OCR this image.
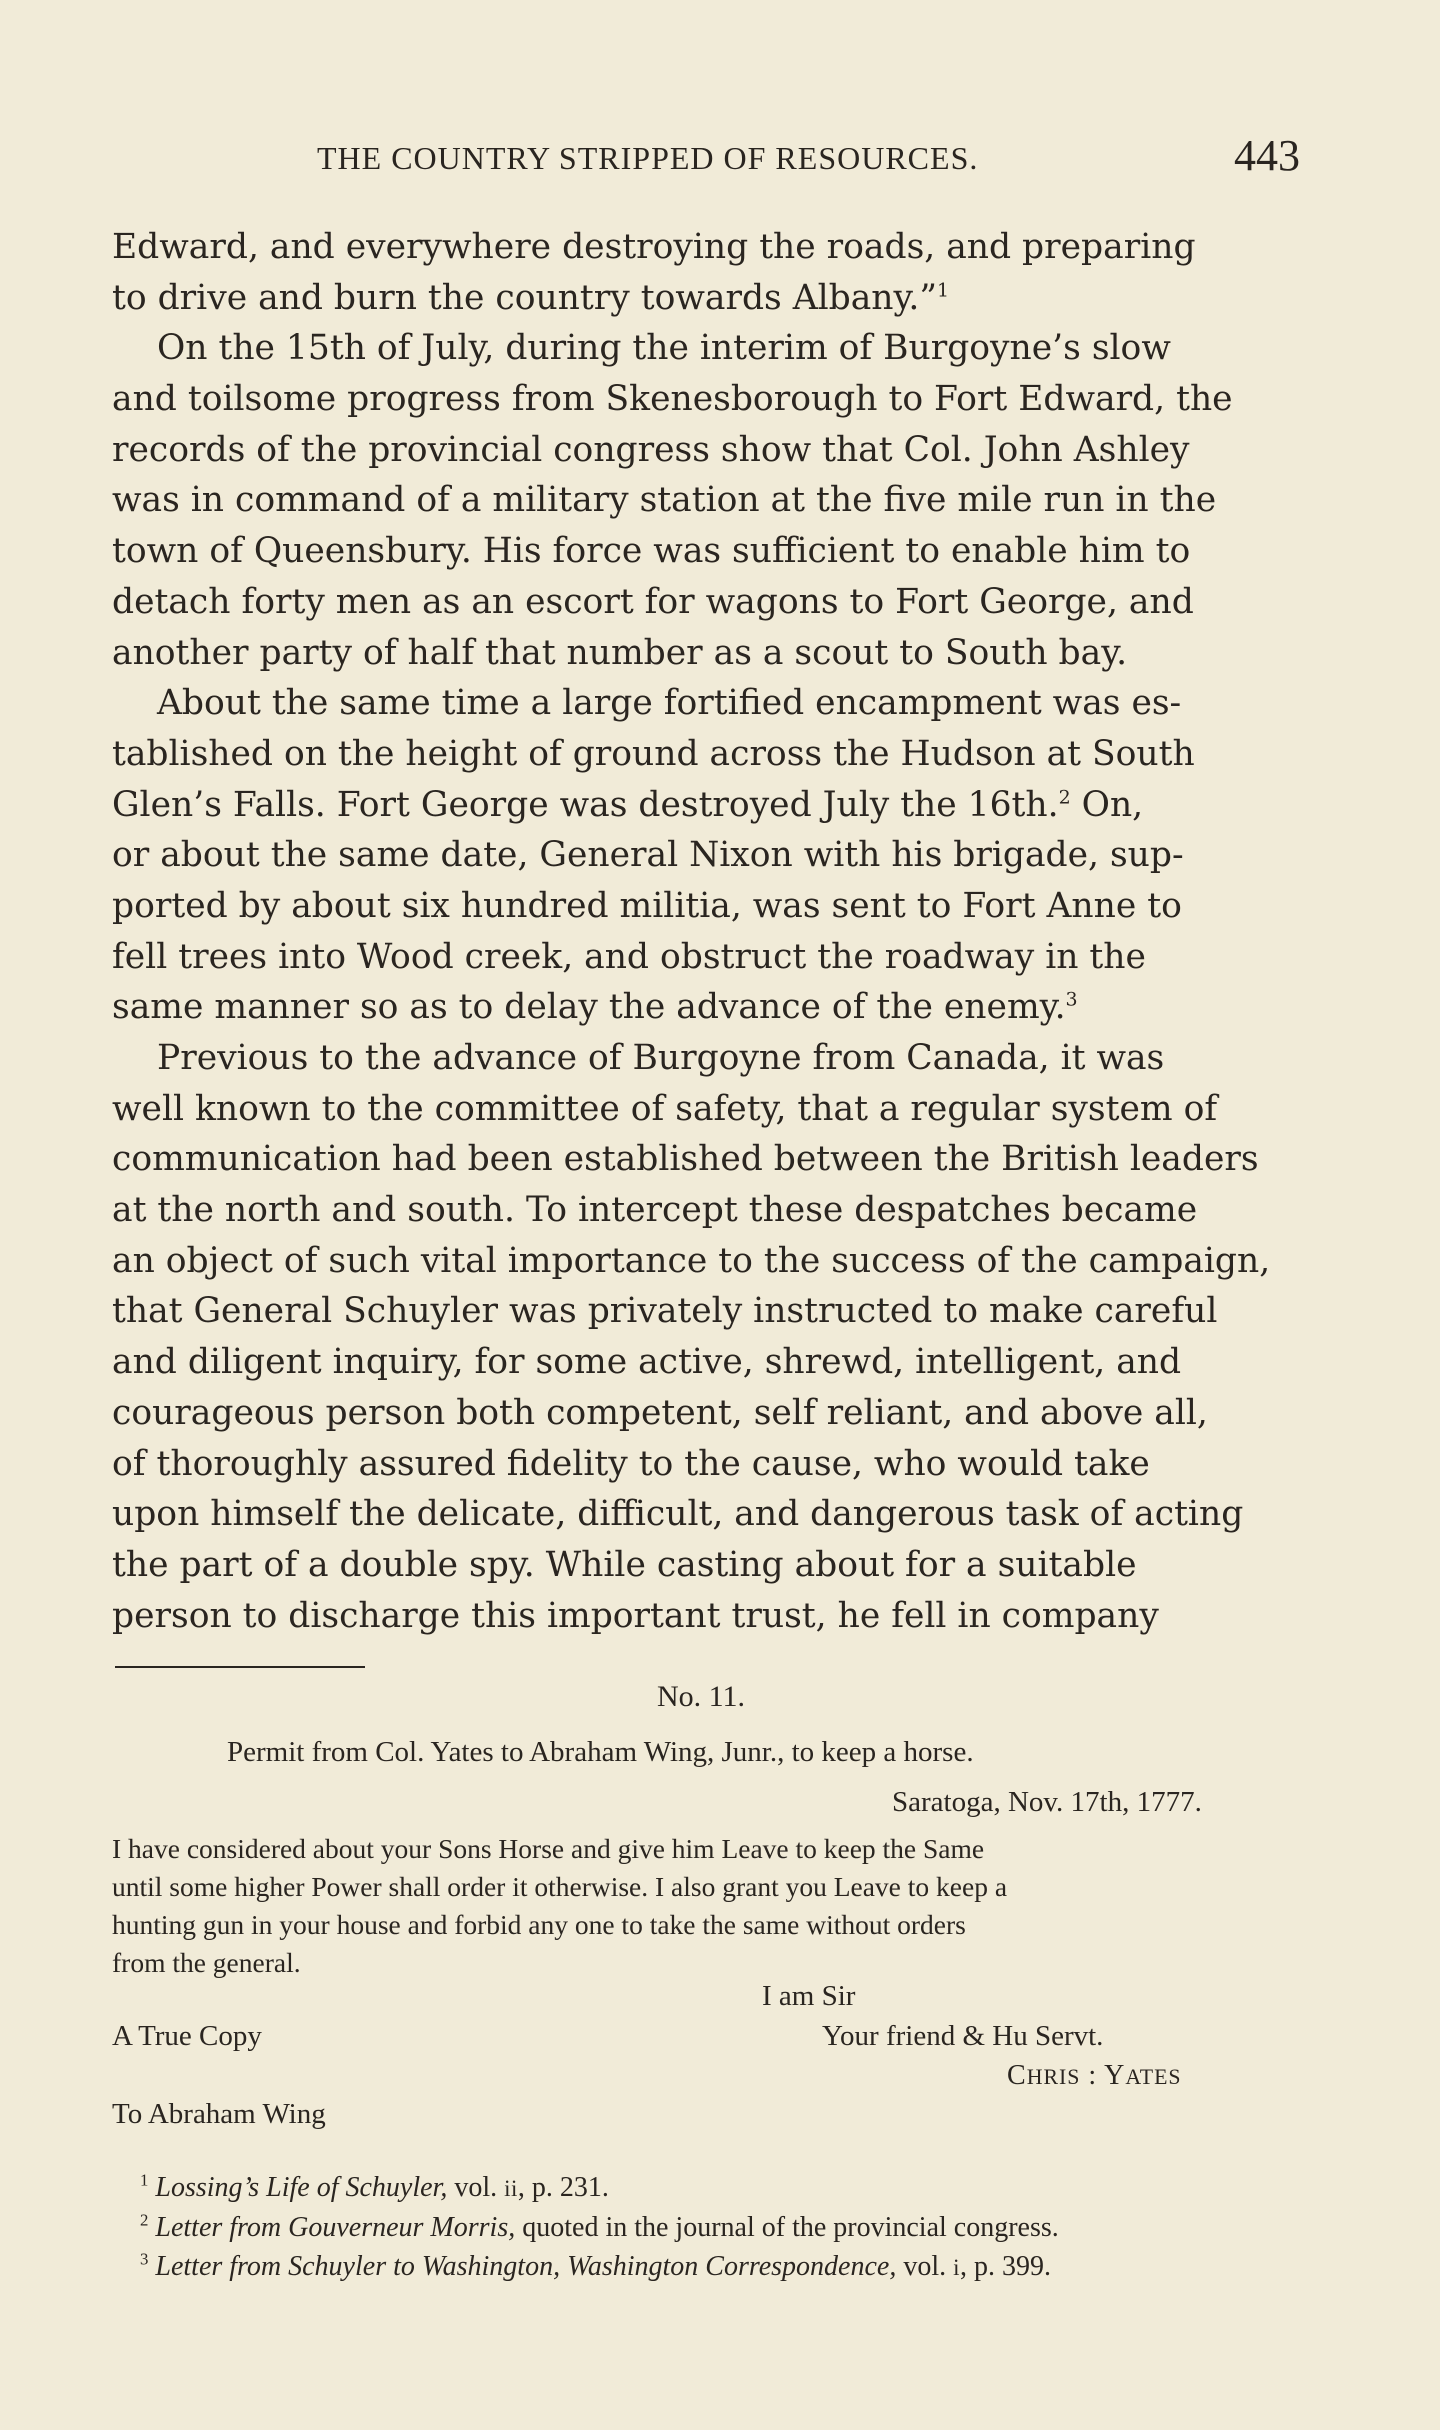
THE COUNTRY STRIPPED OF RESOURCES.	443
Edward, and everywhere destroying the roads, and preparing
to drive and burn the country towards Albany.”$^1$
On the 15th of July, during the interim of Burgoyne’s slow
and toilsome progress from Skenesborough to Fort Edward, the
records of the provincial congress show that Col. John Ashley
was in command of a military station at the five mile run in the
town of Queensbury. His force was sufficient to enable him to
detach forty men as an escort for wagons to Fort George, and
another party of half that number as a scout to South bay.
About the same time a large fortified encampment was es-
tablished on the height of ground across the Hudson at South
Glen’s Falls. Fort George was destroyed July the 16th.$^2$ On,
or about the same date, General Nixon with his brigade, sup-
ported by about six hundred militia, was sent to Fort Anne to
fell trees into Wood creek, and obstruct the roadway in the
same manner so as to delay the advance of the enemy.$^3$
Previous to the advance of Burgoyne from Canada, it was
well known to the committee of safety, that a regular system of
communication had been established between the British leaders
at the north and south. To intercept these despatches became
an object of such vital importance to the success of the campaign,
that General Schuyler was privately instructed to make careful
and diligent inquiry, for some active, shrewd, intelligent, and
courageous person both competent, self reliant, and above all,
of thoroughly assured fidelity to the cause, who would take
upon himself the delicate, difficult, and dangerous task of acting
the part of a double spy. While casting about for a suitable
person to discharge this important trust, he fell in company
No. 11.
Permit from Col. Yates to Abraham Wing, Junr., to keep a horse.
Saratoga, Nov. 17th, 1777.
I have considered about your Sons Horse and give him Leave to keep the Same
until some higher Power shall order it otherwise. I also grant you Leave to keep a
hunting gun in your house and forbid any one to take the same without orders
from the general.
I am Sir
A True Copy	Your friend & Hu Servt.
CHRIS : YATES
To Abraham Wing
$^1$ Lossing’s Life of Schuyler, vol. ii, p. 231.
$^2$ Letter from Gouverneur Morris, quoted in the journal of the provincial congress.
$^3$ Letter from Schuyler to Washington, Washington Correspondence, vol. i, p. 399.
